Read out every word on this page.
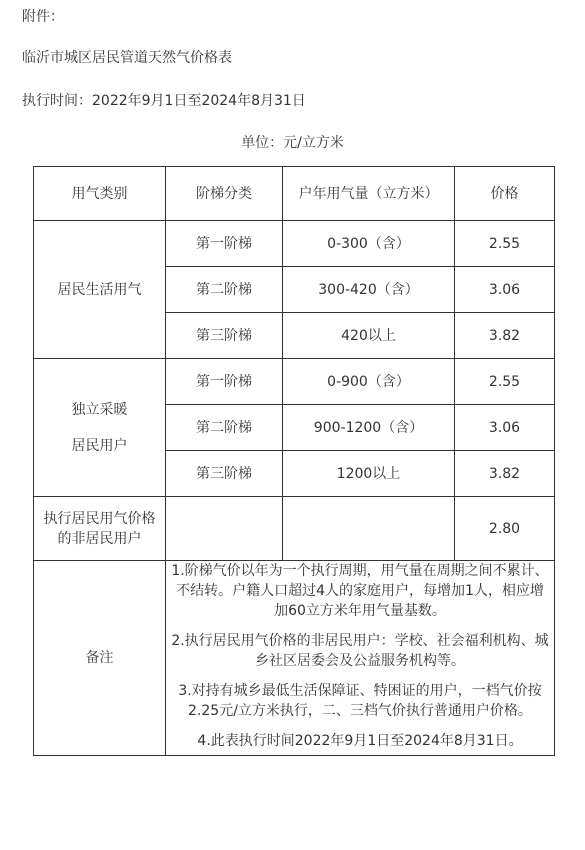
附件：
临沂市城区居民管道天然气价格表
执行时间：2022年9月1日至2024年8月31日
单位：元/立方米
用气类别	阶梯分类	户年用气量（立方米）	价格
居民生活用气	第一阶梯	0-300（含）	2.55
	第二阶梯	300-420（含）	3.06
	第三阶梯	420以上	3.82

独立采暖
居民用户	第一阶梯	0-900（含）	2.55
	第二阶梯	900-1200（含）	3.06
	第三阶梯	1200以上	3.82
执行居民用气价格的非居民用户			2.80
备注	1.阶梯气价以年为一个执行周期，用气量在周期之间不累计、不结转。户籍人口超过4人的家庭用户，每增加1人，相应增加60立方米年用气量基数。

2.执行居民用气价格的非居民用户：学校、社会福利机构、城乡社区居委会及公益服务机构等。

3.对持有城乡最低生活保障证、特困证的用户，一档气价按2.25元/立方米执行，二、三档气价执行普通用户价格。

4.此表执行时间2022年9月1日至2024年8月31日。		
